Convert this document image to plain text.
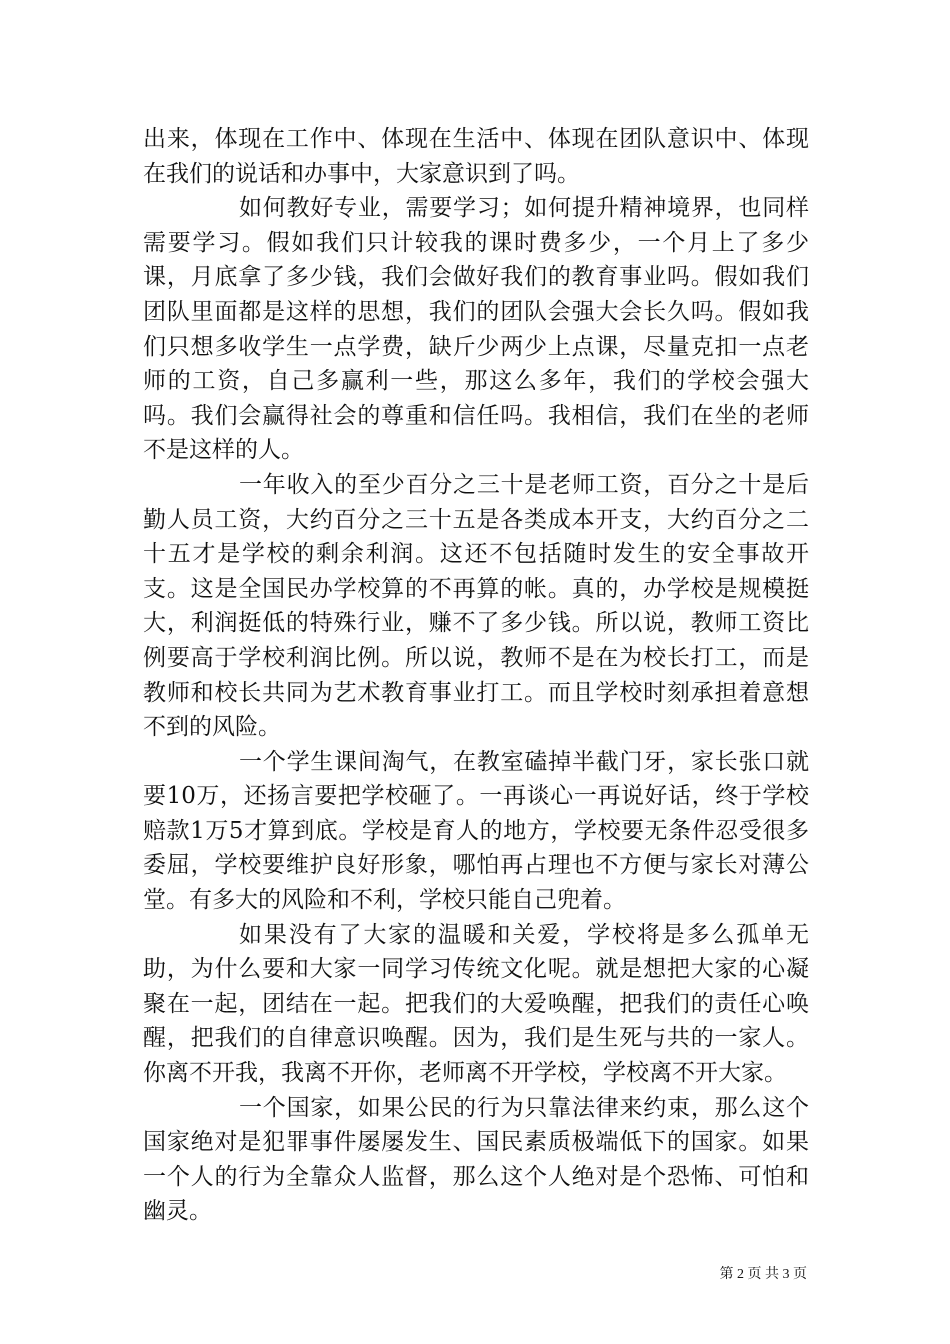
出来，体现在工作中、体现在生活中、体现在团队意识中、体现在我们的说话和办事中，大家意识到了吗。

如何教好专业，需要学习；如何提升精神境界，也同样需要学习。假如我们只计较我的课时费多少，一个月上了多少课，月底拿了多少钱，我们会做好我们的教育事业吗。假如我们团队里面都是这样的思想，我们的团队会强大会长久吗。假如我们只想多收学生一点学费，缺斤少两少上点课，尽量克扣一点老师的工资，自己多赢利一些，那这么多年，我们的学校会强大吗。我们会赢得社会的尊重和信任吗。我相信，我们在坐的老师不是这样的人。

一年收入的至少百分之三十是老师工资，百分之十是后勤人员工资，大约百分之三十五是各类成本开支，大约百分之二十五才是学校的剩余利润。这还不包括随时发生的安全事故开支。这是全国民办学校算的不再算的帐。真的，办学校是规模挺大，利润挺低的特殊行业，赚不了多少钱。所以说，教师工资比例要高于学校利润比例。所以说，教师不是在为校长打工，而是教师和校长共同为艺术教育事业打工。而且学校时刻承担着意想不到的风险。

一个学生课间淘气，在教室磕掉半截门牙，家长张口就要10万，还扬言要把学校砸了。一再谈心一再说好话，终于学校赔款1万5才算到底。学校是育人的地方，学校要无条件忍受很多委屈，学校要维护良好形象，哪怕再占理也不方便与家长对薄公堂。有多大的风险和不利，学校只能自己兜着。

如果没有了大家的温暖和关爱，学校将是多么孤单无助，为什么要和大家一同学习传统文化呢。就是想把大家的心凝聚在一起，团结在一起。把我们的大爱唤醒，把我们的责任心唤醒，把我们的自律意识唤醒。因为，我们是生死与共的一家人。你离不开我，我离不开你，老师离不开学校，学校离不开大家。

一个国家，如果公民的行为只靠法律来约束，那么这个国家绝对是犯罪事件屡屡发生、国民素质极端低下的国家。如果一个人的行为全靠众人监督，那么这个人绝对是个恐怖、可怕和幽灵。

第 2 页 共 3 页
